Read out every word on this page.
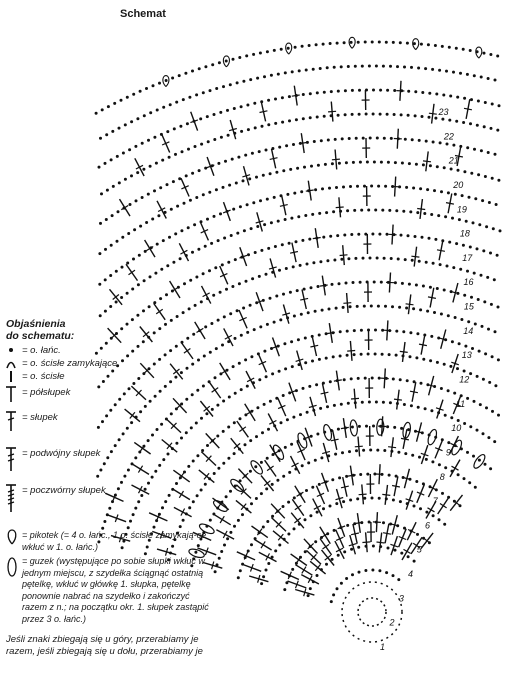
1
2
3
4
5
6
7
8
9
10
11
12
13
14
15
16
17
18
19
20
21
22
23
Schemat
Objaśnienia
do schematu:
= o. łańc.
= o. ścisłe zamykające
= o. ścisłe
= półsłupek
= słupek
= podwójny słupek
= poczwórny słupek
= pikotek (= 4 o. łańc., 1 o. ścisłe zamykają-ce wkłuć w 1. o. łańc.)
= guzek (występujące po sobie słupki wkłuć w jednym miejscu, z szydełka ściągnąć ostatnią pętelkę, wkłuć w główkę 1. słupka, pętelkę ponownie nabrać na szydełko i zakończyć razem z n.; na początku okr. 1. słupek zastąpić przez 3 o. łańc.)
Jeśli znaki zbiegają się u góry, przerabiamy je razem, jeśli zbiegają się u dołu, przerabiamy je
